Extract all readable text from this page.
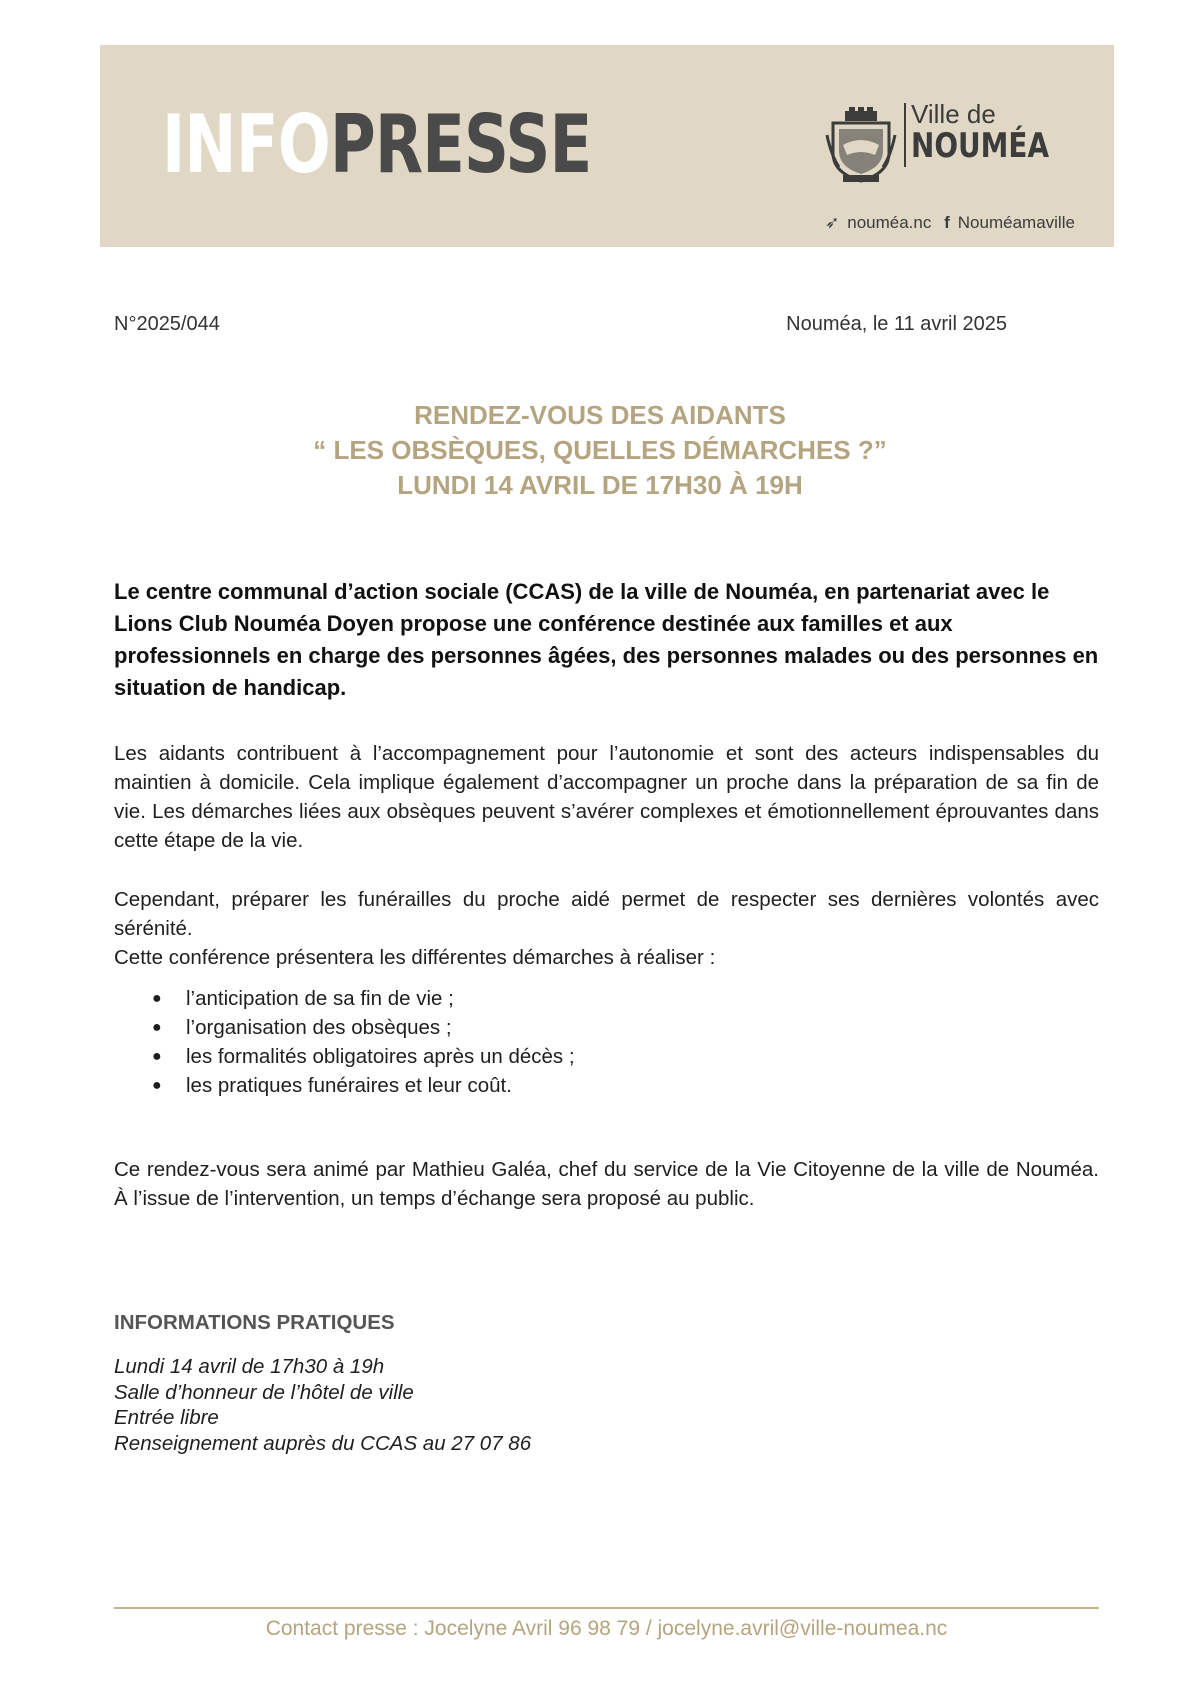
INFOPRESSE	Ville de
NOUMÉA
➶ nouméa.nc f Nouméamaville
N°2025/044	Nouméa, le 11 avril 2025
RENDEZ-VOUS DES AIDANTS
“ LES OBSÈQUES, QUELLES DÉMARCHES ?”
LUNDI 14 AVRIL DE 17H30 À 19H

Le centre communal d’action sociale (CCAS) de la ville de Nouméa, en partenariat avec le Lions Club Nouméa Doyen propose une conférence destinée aux familles et aux professionnels en charge des personnes âgées, des personnes malades ou des personnes en situation de handicap.

Les aidants contribuent à l’accompagnement pour l’autonomie et sont des acteurs indispensables du maintien à domicile. Cela implique également d’accompagner un proche dans la préparation de sa fin de vie. Les démarches liées aux obsèques peuvent s’avérer complexes et émotionnellement éprouvantes dans cette étape de la vie.

Cependant, préparer les funérailles du proche aidé permet de respecter ses dernières volontés avec sérénité.

Cette conférence présentera les différentes démarches à réaliser :

● l’anticipation de sa fin de vie ;
● l’organisation des obsèques ;
● les formalités obligatoires après un décès ;
● les pratiques funéraires et leur coût.

Ce rendez-vous sera animé par Mathieu Galéa, chef du service de la Vie Citoyenne de la ville de Nouméa. À l’issue de l’intervention, un temps d’échange sera proposé au public.

INFORMATIONS PRATIQUES
Lundi 14 avril de 17h30 à 19h
Salle d’honneur de l’hôtel de ville
Entrée libre
Renseignement auprès du CCAS au 27 07 86
Contact presse : Jocelyne Avril 96 98 79 / jocelyne.avril@ville-noumea.nc
